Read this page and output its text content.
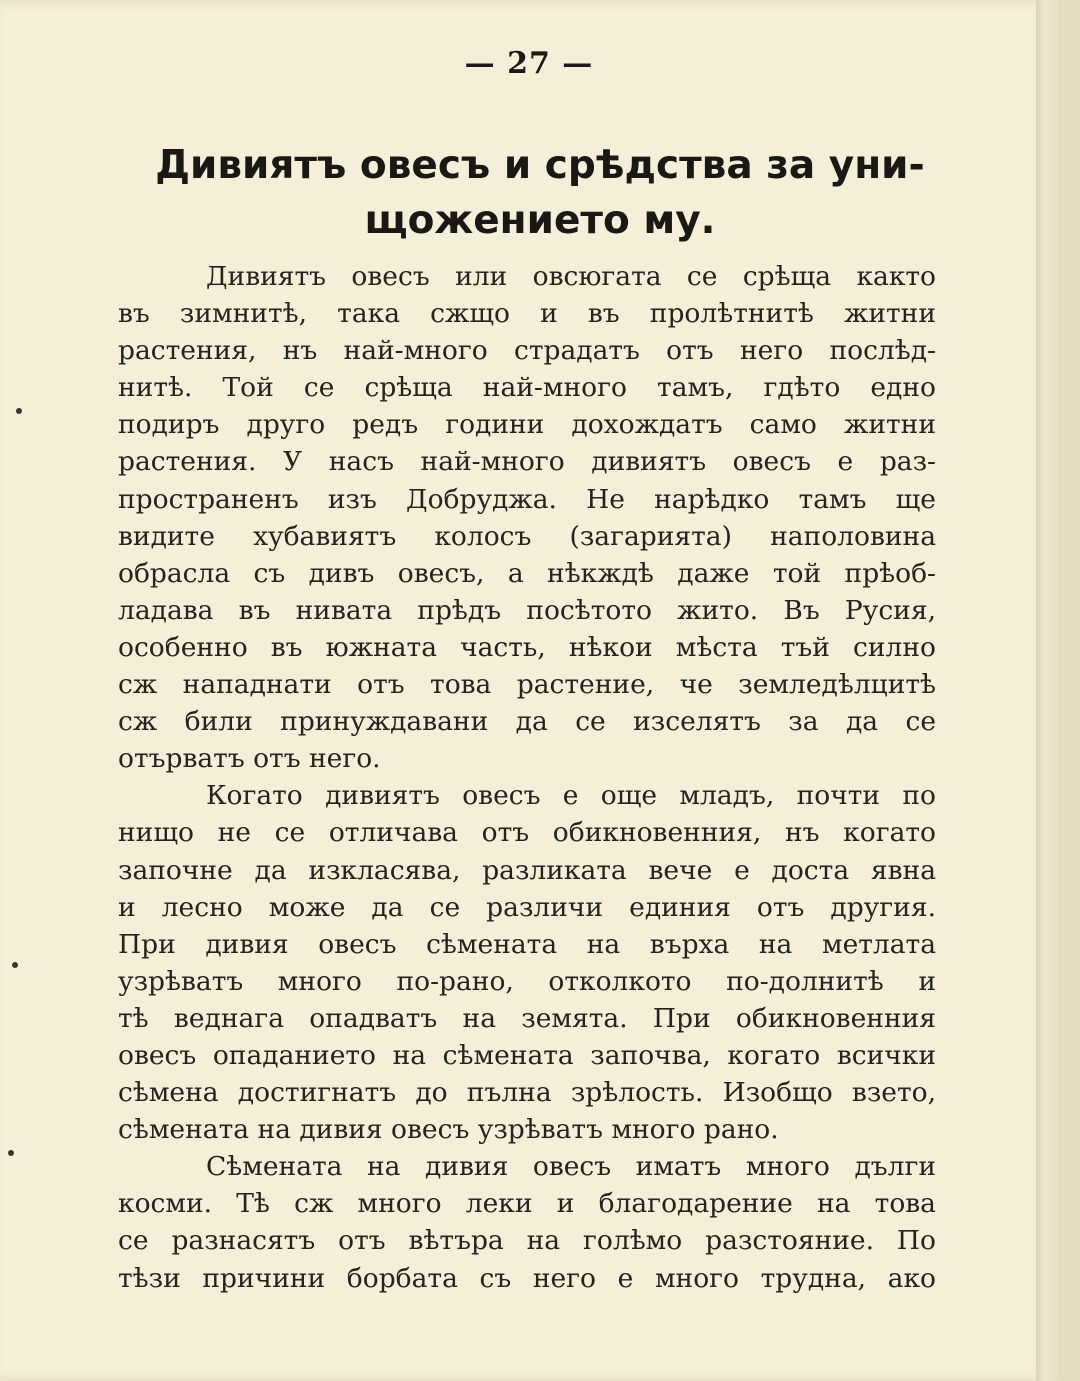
— 27 —
Дивиятъ овесъ и срѣдства за уни-
щожението му.

Дивиятъ овесъ или овсюгата се срѣща както
въ зимнитѣ, така сжщо и въ пролѣтнитѣ житни
растения, нъ най-много страдатъ отъ него послѣд-
нитѣ. Той се срѣща най-много тамъ, гдѣто едно
подиръ друго редъ години дохождатъ само житни
растения. У насъ най-много дивиятъ овесъ е раз-
пространенъ изъ Добруджа. Не нарѣдко тамъ ще
видите хубавиятъ колосъ (загарията) наполовина
обрасла съ дивъ овесъ, а нѣкждѣ даже той прѣоб-
ладава въ нивата прѣдъ посѣтото жито. Въ Русия,
особенно въ южната часть, нѣкои мѣста тъй силно
сж нападнати отъ това растение, че земледѣлцитѣ
сж били принуждавани да се изселятъ за да се
отърватъ отъ него.

Когато дивиятъ овесъ е още младъ, почти по
нищо не се отличава отъ обикновенния, нъ когато
започне да изкласява, разликата вече е доста явна
и лесно може да се различи единия отъ другия.
При дивия овесъ сѣмената на върха на метлата
узрѣватъ много по-рано, отколкото по-долнитѣ и
тѣ веднага опадватъ на земята. При обикновенния
овесъ опаданието на сѣмената започва, когато всички
сѣмена достигнатъ до пълна зрѣлость. Изобщо взето,
сѣмената на дивия овесъ узрѣватъ много рано.

Сѣмената на дивия овесъ иматъ много дълги
косми. Тѣ сж много леки и благодарение на това
се разнасятъ отъ вѣтъра на голѣмо разстояние. По
тѣзи причини борбата съ него е много трудна, ако
